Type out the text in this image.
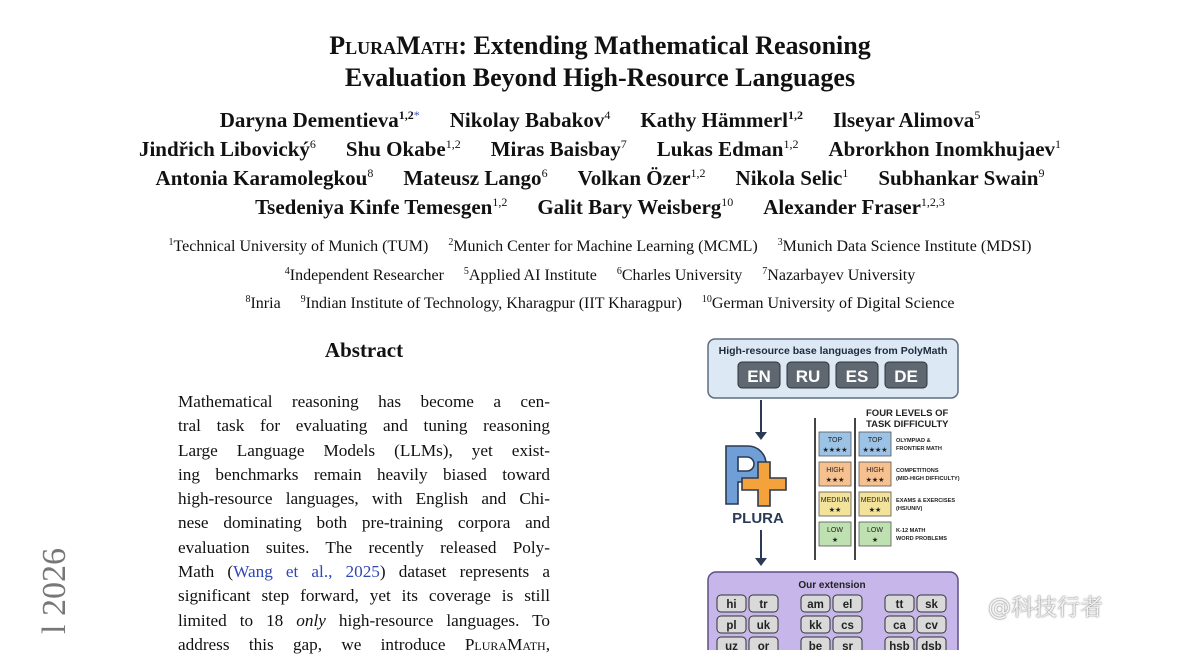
PluraMath: Extending Mathematical Reasoning
Evaluation Beyond High-Resource Languages
Daryna Dementieva$^{1,2*}$ Nikolay Babakov$^4$ Kathy Hämmerl$^{1,2}$ Ilseyar Alimova$^5$
Jindřich Libovický$^6$ Shu Okabe$^{1,2}$ Miras Baisbay$^7$ Lukas Edman$^{1,2}$ Abrorkhon Inomkhujaev$^1$
Antonia Karamolegkou$^8$ Mateusz Lango$^6$ Volkan Özer$^{1,2}$ Nikola Selic$^1$ Subhankar Swain$^9$
Tsedeniya Kinfe Temesgen$^{1,2}$ Galit Bary Weisberg$^{10}$ Alexander Fraser$^{1,2,3}$
$^1$Technical University of Munich (TUM) $^2$Munich Center for Machine Learning (MCML) $^3$Munich Data Science Institute (MDSI)
$^4$Independent Researcher $^5$Applied AI Institute $^6$Charles University $^7$Nazarbayev University
$^8$Inria $^9$Indian Institute of Technology, Kharagpur (IIT Kharagpur) $^{10}$German University of Digital Science
Abstract
Mathematical reasoning has become a cen-
tral task for evaluating and tuning reasoning
Large Language Models (LLMs), yet exist-
ing benchmarks remain heavily biased toward
high-resource languages, with English and Chi-
nese dominating both pre-training corpora and
evaluation suites. The recently released Poly-
Math (Wang et al., 2025) dataset represents a
significant step forward, yet its coverage is still
limited to 18 only high-resource languages. To
address this gap, we introduce PluraMath,
l 2026
High-resource base languages from PolyMath
EN RU ES DE
PLURA
FOUR LEVELS OF
TASK DIFFICULTY
TOP
★★★★
TOP
★★★★
OLYMPIAD &
FRONTIER MATH
HIGH
★★★
HIGH
★★★
COMPETITIONS
(MID-HIGH DIFFICULTY)
MEDIUM
★★
MEDIUM
★★
EXAMS & EXERCISES
(HS/UNIV)
LOW
★
LOW
★
K-12 MATH
WORD PROBLEMS
Our extension
hi tr	am el	tt sk
pl uk	kk cs	ca cv
uz or	be sr	hsb dsb
@科技行者
